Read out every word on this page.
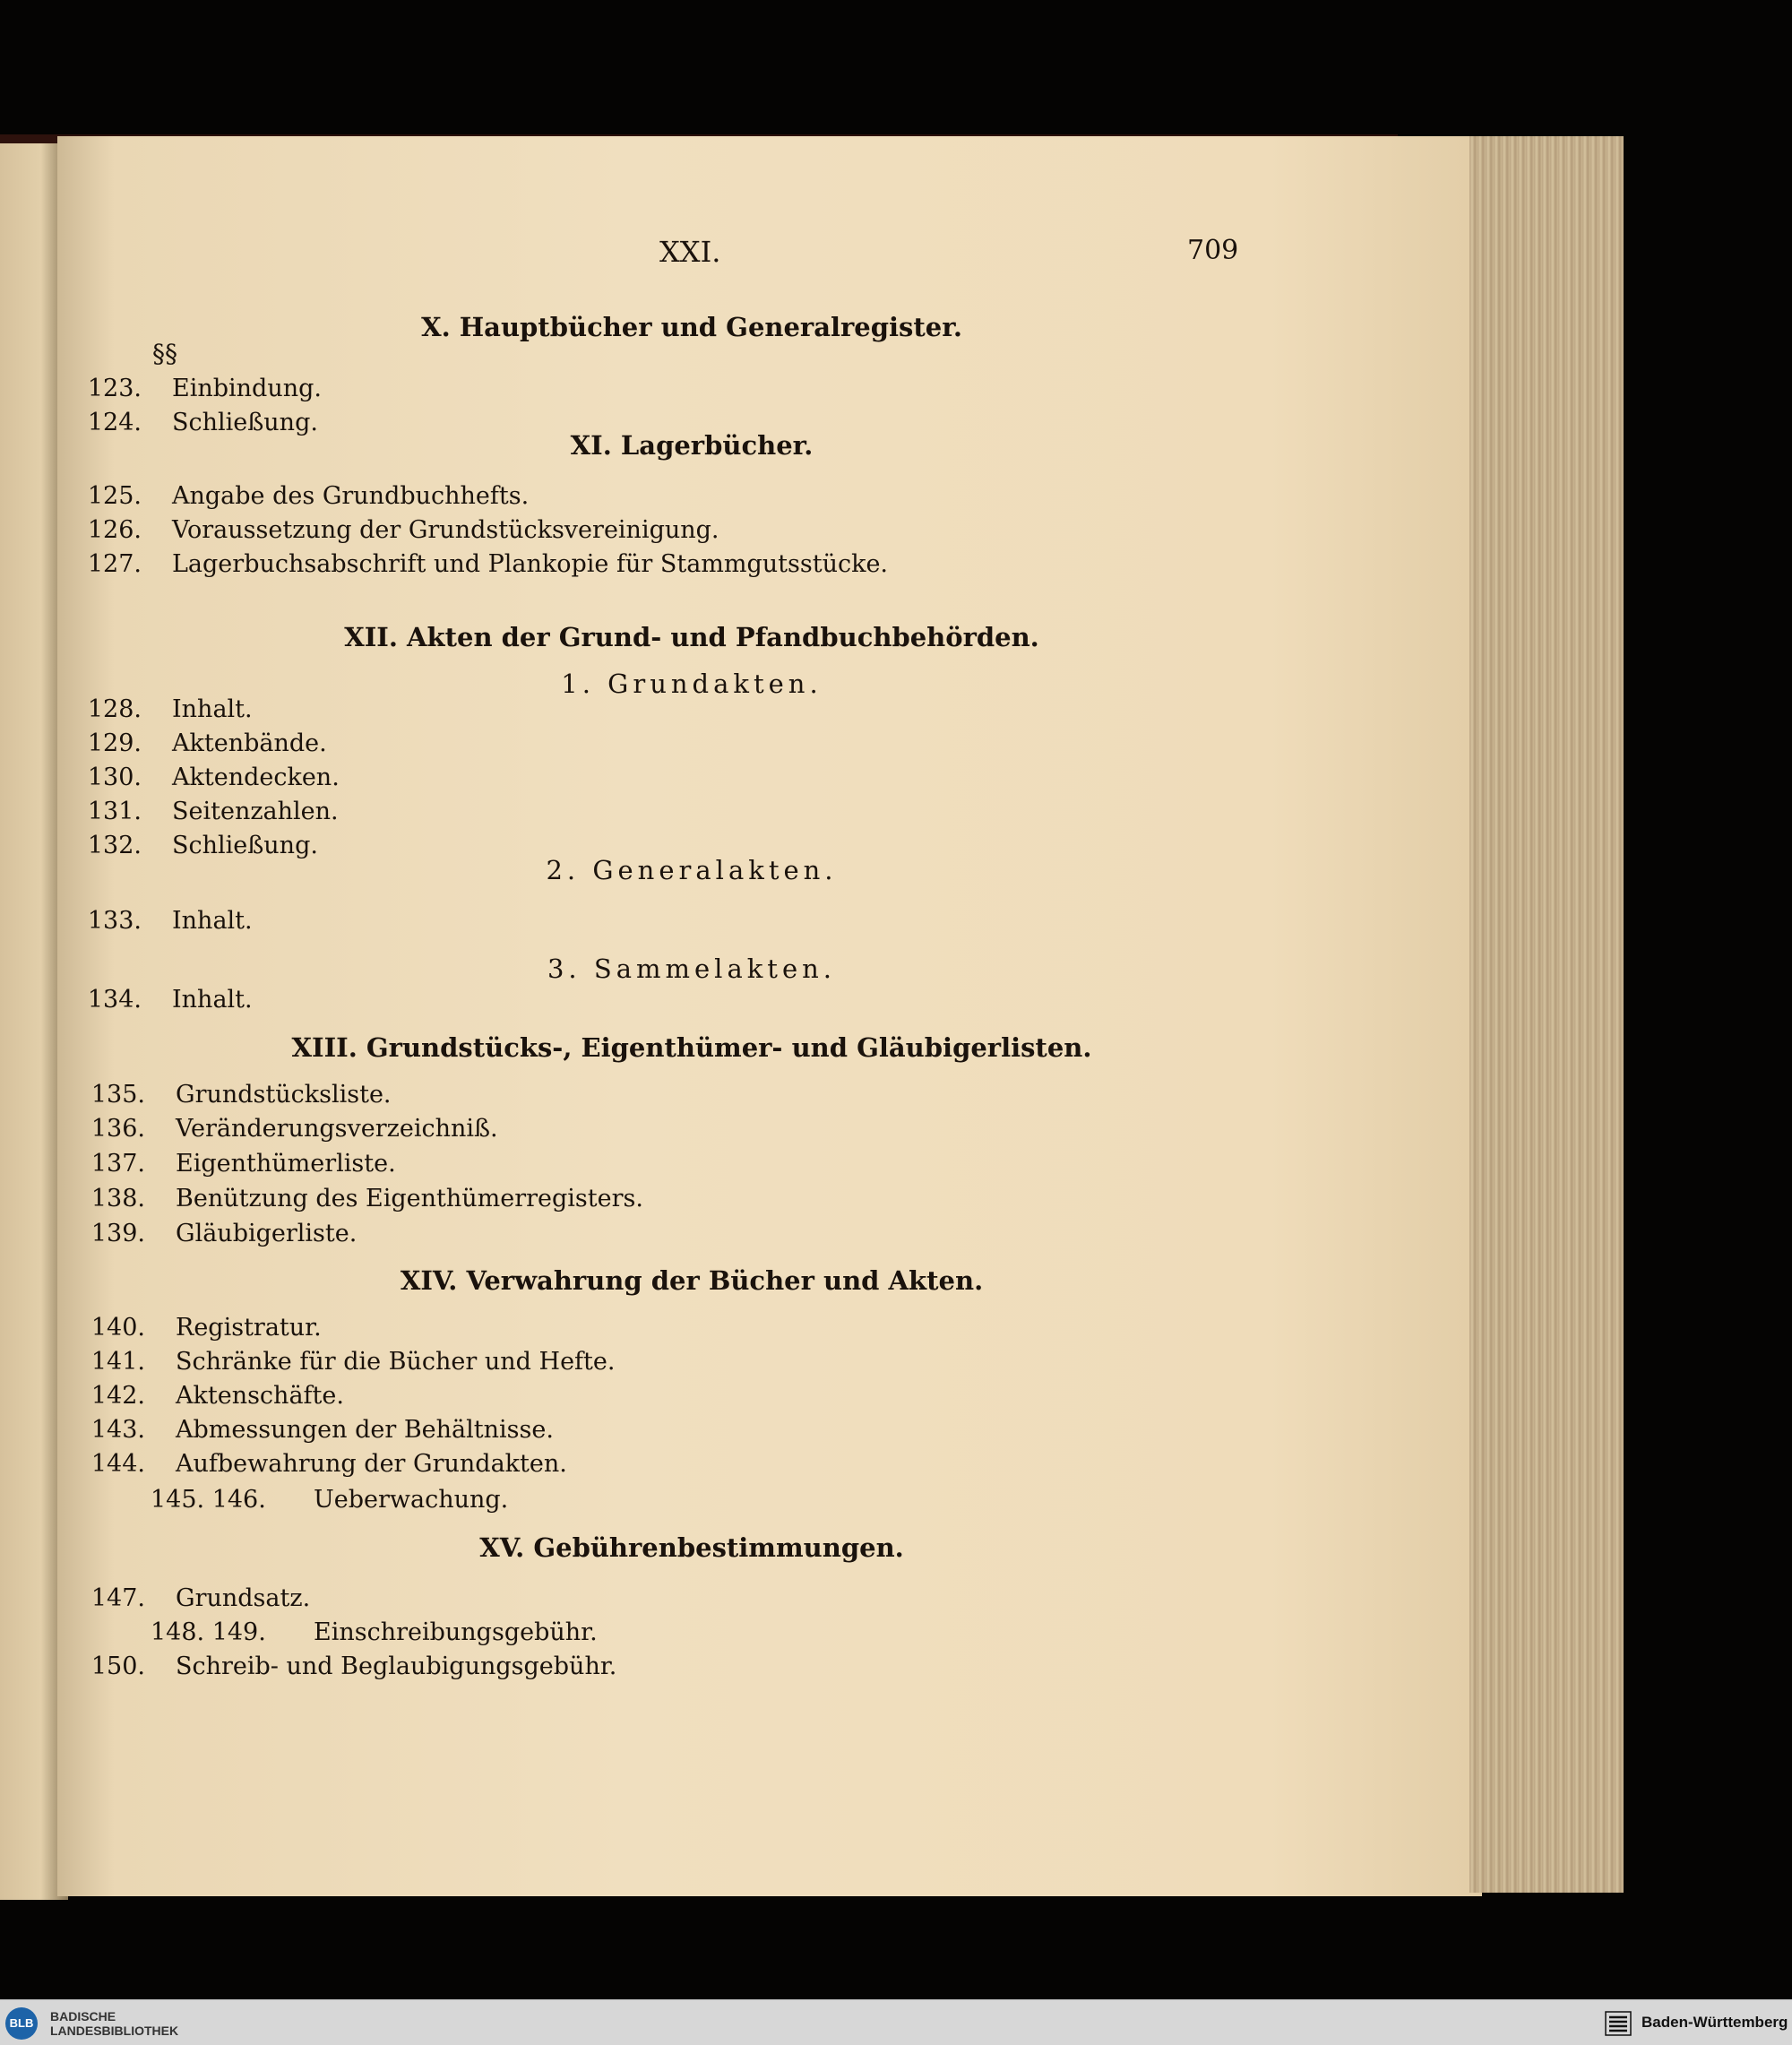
XXI.	709
§§
X. Hauptbücher und Generalregister.
123. Einbindung.
124. Schließung.
XI. Lagerbücher.
125. Angabe des Grundbuchhefts.
126. Voraussetzung der Grundstücksvereinigung.
127. Lagerbuchsabschrift und Plankopie für Stammgutsstücke.
XII. Akten der Grund- und Pfandbuchbehörden.
1. Grundakten.
128. Inhalt.
129. Aktenbände.
130. Aktendecken.
131. Seitenzahlen.
132. Schließung.
2. Generalakten.
133. Inhalt.
3. Sammelakten.
134. Inhalt.
XIII. Grundstücks-, Eigenthümer- und Gläubigerlisten.
135. Grundstücksliste.
136. Veränderungsverzeichniß.
137. Eigenthümerliste.
138. Benützung des Eigenthümerregisters.
139. Gläubigerliste.
XIV. Verwahrung der Bücher und Akten.
140. Registratur.
141. Schränke für die Bücher und Hefte.
142. Aktenschäfte.
143. Abmessungen der Behältnisse.
144. Aufbewahrung der Grundakten.
145. 146. Ueberwachung.
XV. Gebührenbestimmungen.
147. Grundsatz.
148. 149. Einschreibungsgebühr.
150. Schreib- und Beglaubigungsgebühr.
BLB	BADISCHE
LANDESBIBLIOTHEK	Baden-Württemberg
